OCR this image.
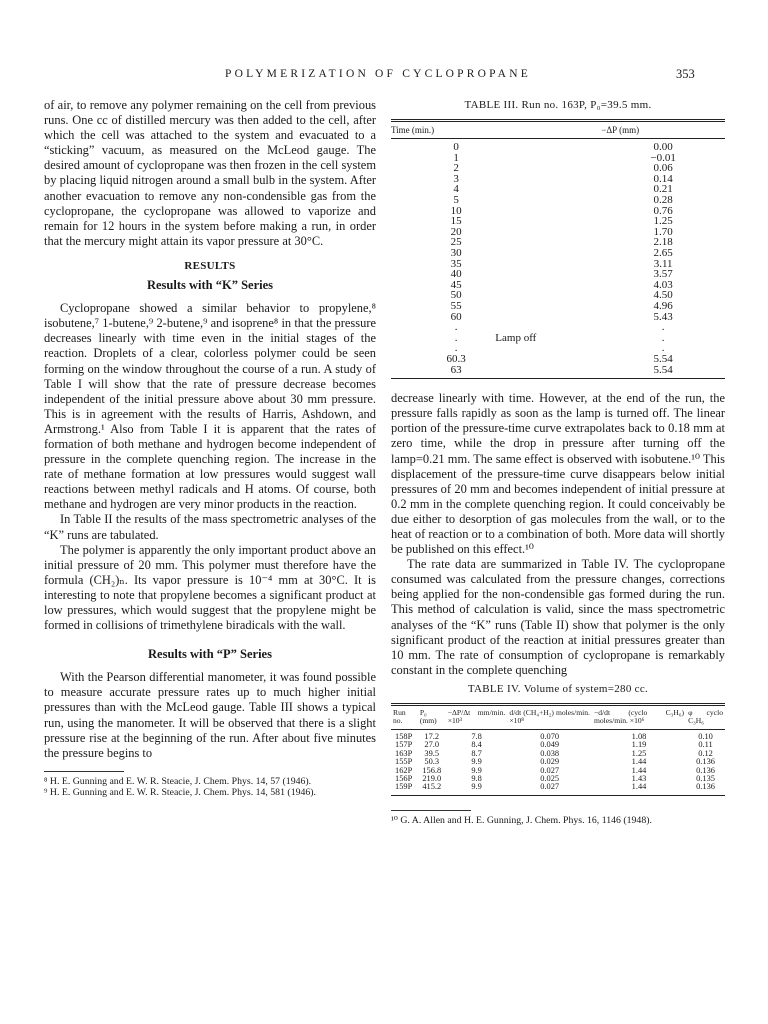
POLYMERIZATION OF CYCLOPROPANE	353

of air, to remove any polymer remaining on the cell from previous runs. One cc of distilled mercury was then added to the cell, after which the cell was attached to the system and evacuated to a “sticking” vacuum, as measured on the McLeod gauge. The desired amount of cyclopropane was then frozen in the cell system by placing liquid nitrogen around a small bulb in the system. After another evacuation to remove any non-condensible gas from the cyclopropane, the cyclopropane was allowed to vaporize and remain for 12 hours in the system before making a run, in order that the mercury might attain its vapor pressure at 30°C.

RESULTS
Results with “K” Series

Cyclopropane showed a similar behavior to propylene,⁸ isobutene,⁷ 1-butene,⁹ 2-butene,⁹ and isoprene⁸ in that the pressure decreases linearly with time even in the initial stages of the reaction. Droplets of a clear, colorless polymer could be seen forming on the window throughout the course of a run. A study of Table I will show that the rate of pressure decrease becomes independent of the initial pressure above about 30 mm pressure. This is in agreement with the results of Harris, Ashdown, and Armstrong.¹ Also from Table I it is apparent that the rates of formation of both methane and hydrogen become independent of pressure in the complete quenching region. The increase in the rate of methane formation at low pressures would suggest wall reactions between methyl radicals and H atoms. Of course, both methane and hydrogen are very minor products in the reaction.

In Table II the results of the mass spectrometric analyses of the “K” runs are tabulated.

The polymer is apparently the only important product above an initial pressure of 20 mm. This polymer must therefore have the formula (CH₂)ₙ. Its vapor pressure is 10⁻⁴ mm at 30°C. It is interesting to note that propylene becomes a significant product at low pressures, which would suggest that the propylene might be formed in collisions of trimethylene biradicals with the wall.

Results with “P” Series

With the Pearson differential manometer, it was found possible to measure accurate pressure rates up to much higher initial pressures than with the McLeod gauge. Table III shows a typical run, using the manometer. It will be observed that there is a slight pressure rise at the beginning of the run. After about five minutes the pressure begins to

⁸ H. E. Gunning and E. W. R. Steacie, J. Chem. Phys. 14, 57 (1946).

⁹ H. E. Gunning and E. W. R. Steacie, J. Chem. Phys. 14, 581 (1946).

TABLE III. Run no. 163P, P₀=39.5 mm.
Time (min.)	−ΔP (mm)

0	0.00
1	−0.01
2	0.06
3	0.14
4	0.21
5	0.28
10	0.76
15	1.25
20	1.70
25	2.18
30	2.65
35	3.11
40	3.57
45	4.03
50	4.50
55	4.96
60	5.43
.	.
.	Lamp off .
.	.
60.3	5.54
63	5.54

decrease linearly with time. However, at the end of the run, the pressure falls rapidly as soon as the lamp is turned off. The linear portion of the pressure-time curve extrapolates back to 0.18 mm at zero time, while the drop in pressure after turning off the lamp=0.21 mm. The same effect is observed with isobutene.¹⁰ This displacement of the pressure-time curve disappears below initial pressures of 20 mm and becomes independent of initial pressure at 0.2 mm in the complete quenching region. It could conceivably be due either to desorption of gas molecules from the wall, or to the heat of reaction or to a combination of both. More data will shortly be published on this effect.¹⁰

The rate data are summarized in Table IV. The cyclopropane consumed was calculated from the pressure changes, corrections being applied for the non-condensible gas formed during the run. This method of calculation is valid, since the mass spectrometric analyses of the “K” runs (Table II) show that polymer is the only significant product of the reaction at initial pressures greater than 10 mm. The rate of consumption of cyclopropane is remarkably constant in the complete quenching

TABLE IV. Volume of system=280 cc.
Run no.	P₀ (mm)	−ΔP/Δt mm/min. ×10³	d/dt (CH₄+H₂) moles/min. ×10⁸	−d/dt (cyclo C₃H₆) moles/min. ×10⁶	φ cyclo C₃H₆

158P	17.2	7.8	0.070	1.08	0.10
157P	27.0	8.4	0.049	1.19	0.11
163P	39.5	8.7	0.038	1.25	0.12
155P	50.3	9.9	0.029	1.44	0.136
162P	156.8	9.9	0.027	1.44	0.136
156P	219.0	9.8	0.025	1.43	0.135
159P	415.2	9.9	0.027	1.44	0.136

¹⁰ G. A. Allen and H. E. Gunning, J. Chem. Phys. 16, 1146 (1948).
